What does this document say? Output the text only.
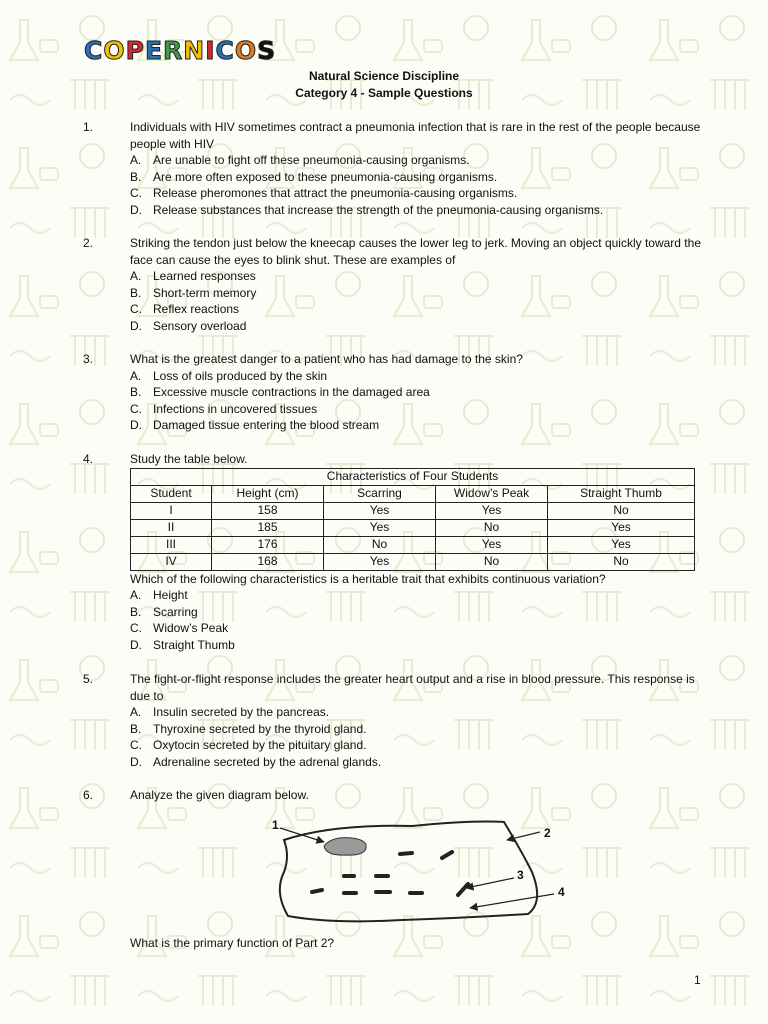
COPERNICOS
Natural Science Discipline
Category 4 - Sample Questions
1.	Individuals with HIV sometimes contract a pneumonia infection that is rare in the rest of the people because people with HIV
A. Are unable to fight off these pneumonia-causing organisms.
B. Are more often exposed to these pneumonia-causing organisms.
C. Release pheromones that attract the pneumonia-causing organisms.
D. Release substances that increase the strength of the pneumonia-causing organisms.
2.	Striking the tendon just below the kneecap causes the lower leg to jerk. Moving an object quickly toward the face can cause the eyes to blink shut. These are examples of
A. Learned responses
B. Short-term memory
C. Reflex reactions
D. Sensory overload
3.	What is the greatest danger to a patient who has had damage to the skin?
A. Loss of oils produced by the skin
B. Excessive muscle contractions in the damaged area
C. Infections in uncovered tissues
D. Damaged tissue entering the blood stream
4.	Study the table below.
Characteristics of Four Students				
Student	Height (cm)	Scarring	Widow’s Peak	Straight Thumb
I	158	Yes	Yes	No
II	185	Yes	No	Yes
III	176	No	Yes	Yes
IV	168	Yes	No	No
Which of the following characteristics is a heritable trait that exhibits continuous variation?
A. Height
B. Scarring
C. Widow’s Peak
D. Straight Thumb
5.	The fight-or-flight response includes the greater heart output and a rise in blood pressure. This response is due to
A. Insulin secreted by the pancreas.
B. Thyroxine secreted by the thyroid gland.
C. Oxytocin secreted by the pituitary gland.
D. Adrenaline secreted by the adrenal glands.
6.	Analyze the given diagram below.
1
2
3
4
What is the primary function of Part 2?
1
